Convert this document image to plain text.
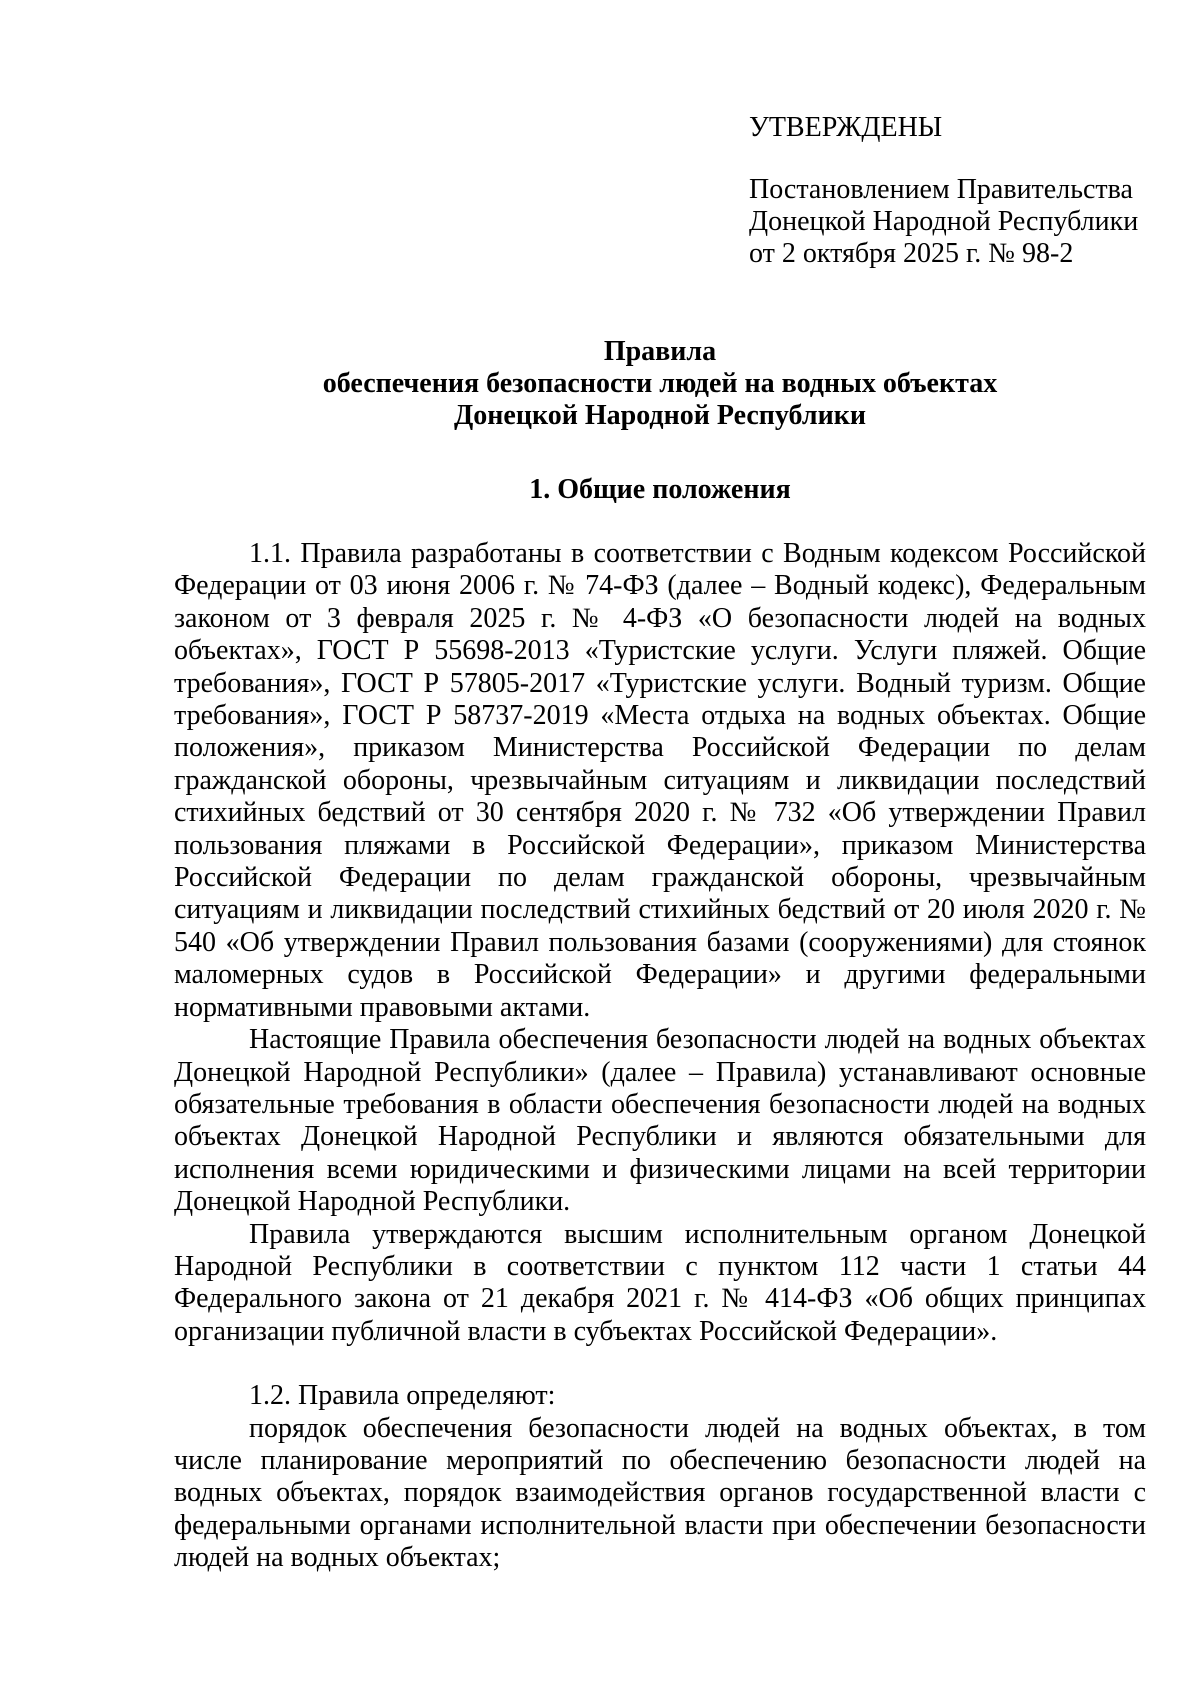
УТВЕРЖДЕНЫ
Постановлением Правительства
Донецкой Народной Республики
от 2 октября 2025 г. № 98-2
Правила
обеспечения безопасности людей на водных объектах
Донецкой Народной Республики
1. Общие положения

1.1. Правила разработаны в соответствии с Водным кодексом Российской Федерации от 03 июня 2006 г. № 74-ФЗ (далее – Водный кодекс), Федеральным законом от 3 февраля 2025 г. № 4-ФЗ «О безопасности людей на водных объектах», ГОСТ Р 55698-2013 «Туристские услуги. Услуги пляжей. Общие требования», ГОСТ Р 57805-2017 «Туристские услуги. Водный туризм. Общие требования», ГОСТ Р 58737-2019 «Места отдыха на водных объектах. Общие положения», приказом Министерства Российской Федерации по делам гражданской обороны, чрезвычайным ситуациям и ликвидации последствий стихийных бедствий от 30 сентября 2020 г. № 732 «Об утверждении Правил пользования пляжами в Российской Федерации», приказом Министерства Российской Федерации по делам гражданской обороны, чрезвычайным ситуациям и ликвидации последствий стихийных бедствий от 20 июля 2020 г. № 540 «Об утверждении Правил пользования базами (сооружениями) для стоянок маломерных судов в Российской Федерации» и другими федеральными нормативными правовыми актами.

Настоящие Правила обеспечения безопасности людей на водных объектах Донецкой Народной Республики» (далее – Правила) устанавливают основные обязательные требования в области обеспечения безопасности людей на водных объектах Донецкой Народной Республики и являются обязательными для исполнения всеми юридическими и физическими лицами на всей территории Донецкой Народной Республики.

Правила утверждаются высшим исполнительным органом Донецкой Народной Республики в соответствии с пунктом 112 части 1 статьи 44 Федерального закона от 21 декабря 2021 г. № 414-ФЗ «Об общих принципах организации публичной власти в субъектах Российской Федерации».

1.2. Правила определяют:

порядок обеспечения безопасности людей на водных объектах, в том числе планирование мероприятий по обеспечению безопасности людей на водных объектах, порядок взаимодействия органов государственной власти с федеральными органами исполнительной власти при обеспечении безопасности людей на водных объектах;
